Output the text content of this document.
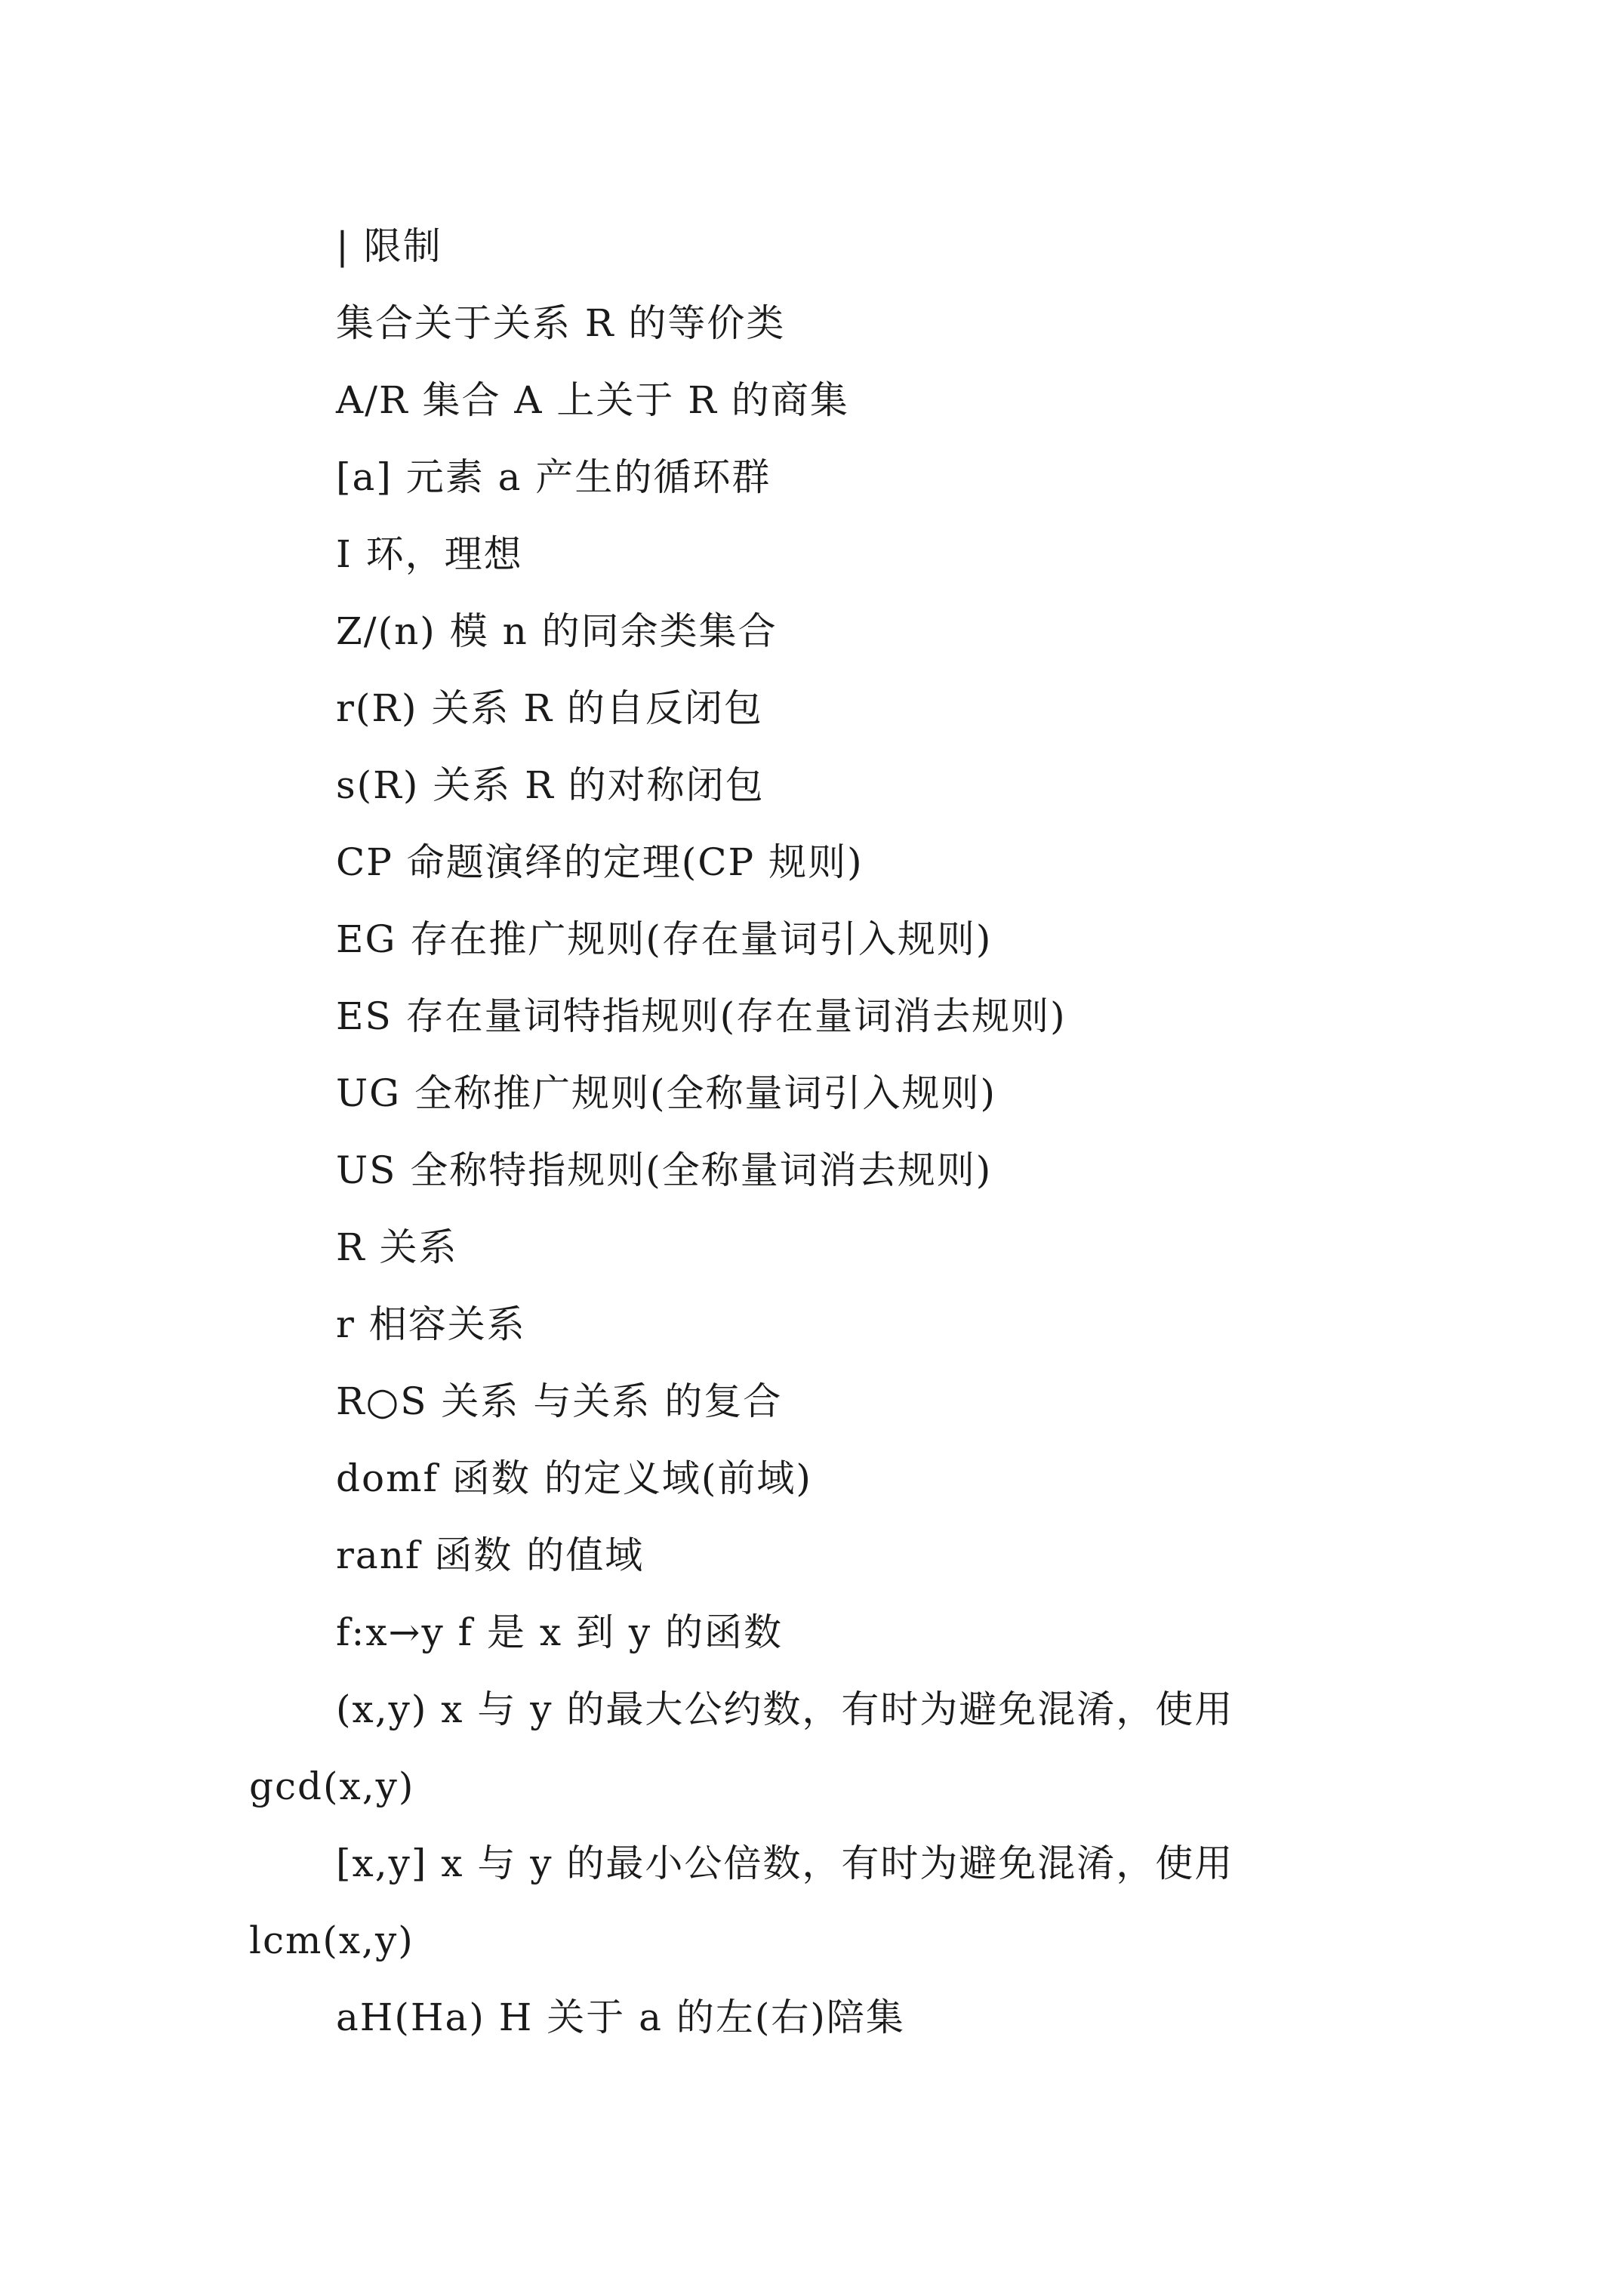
| 限制
集合关于关系 R 的等价类
A/R 集合 A 上关于 R 的商集
[a] 元素 a 产生的循环群
I 环，理想
Z/(n) 模 n 的同余类集合
r(R) 关系 R 的自反闭包
s(R) 关系 R 的对称闭包
CP 命题演绎的定理(CP 规则)
EG 存在推广规则(存在量词引入规则)
ES 存在量词特指规则(存在量词消去规则)
UG 全称推广规则(全称量词引入规则)
US 全称特指规则(全称量词消去规则)
R 关系
r 相容关系
R○S 关系 与关系 的复合
domf 函数 的定义域(前域)
ranf 函数 的值域
f:x→y f 是 x 到 y 的函数
(x,y) x 与 y 的最大公约数，有时为避免混淆，使用
gcd(x,y)
[x,y] x 与 y 的最小公倍数，有时为避免混淆，使用
lcm(x,y)
aH(Ha) H 关于 a 的左(右)陪集
